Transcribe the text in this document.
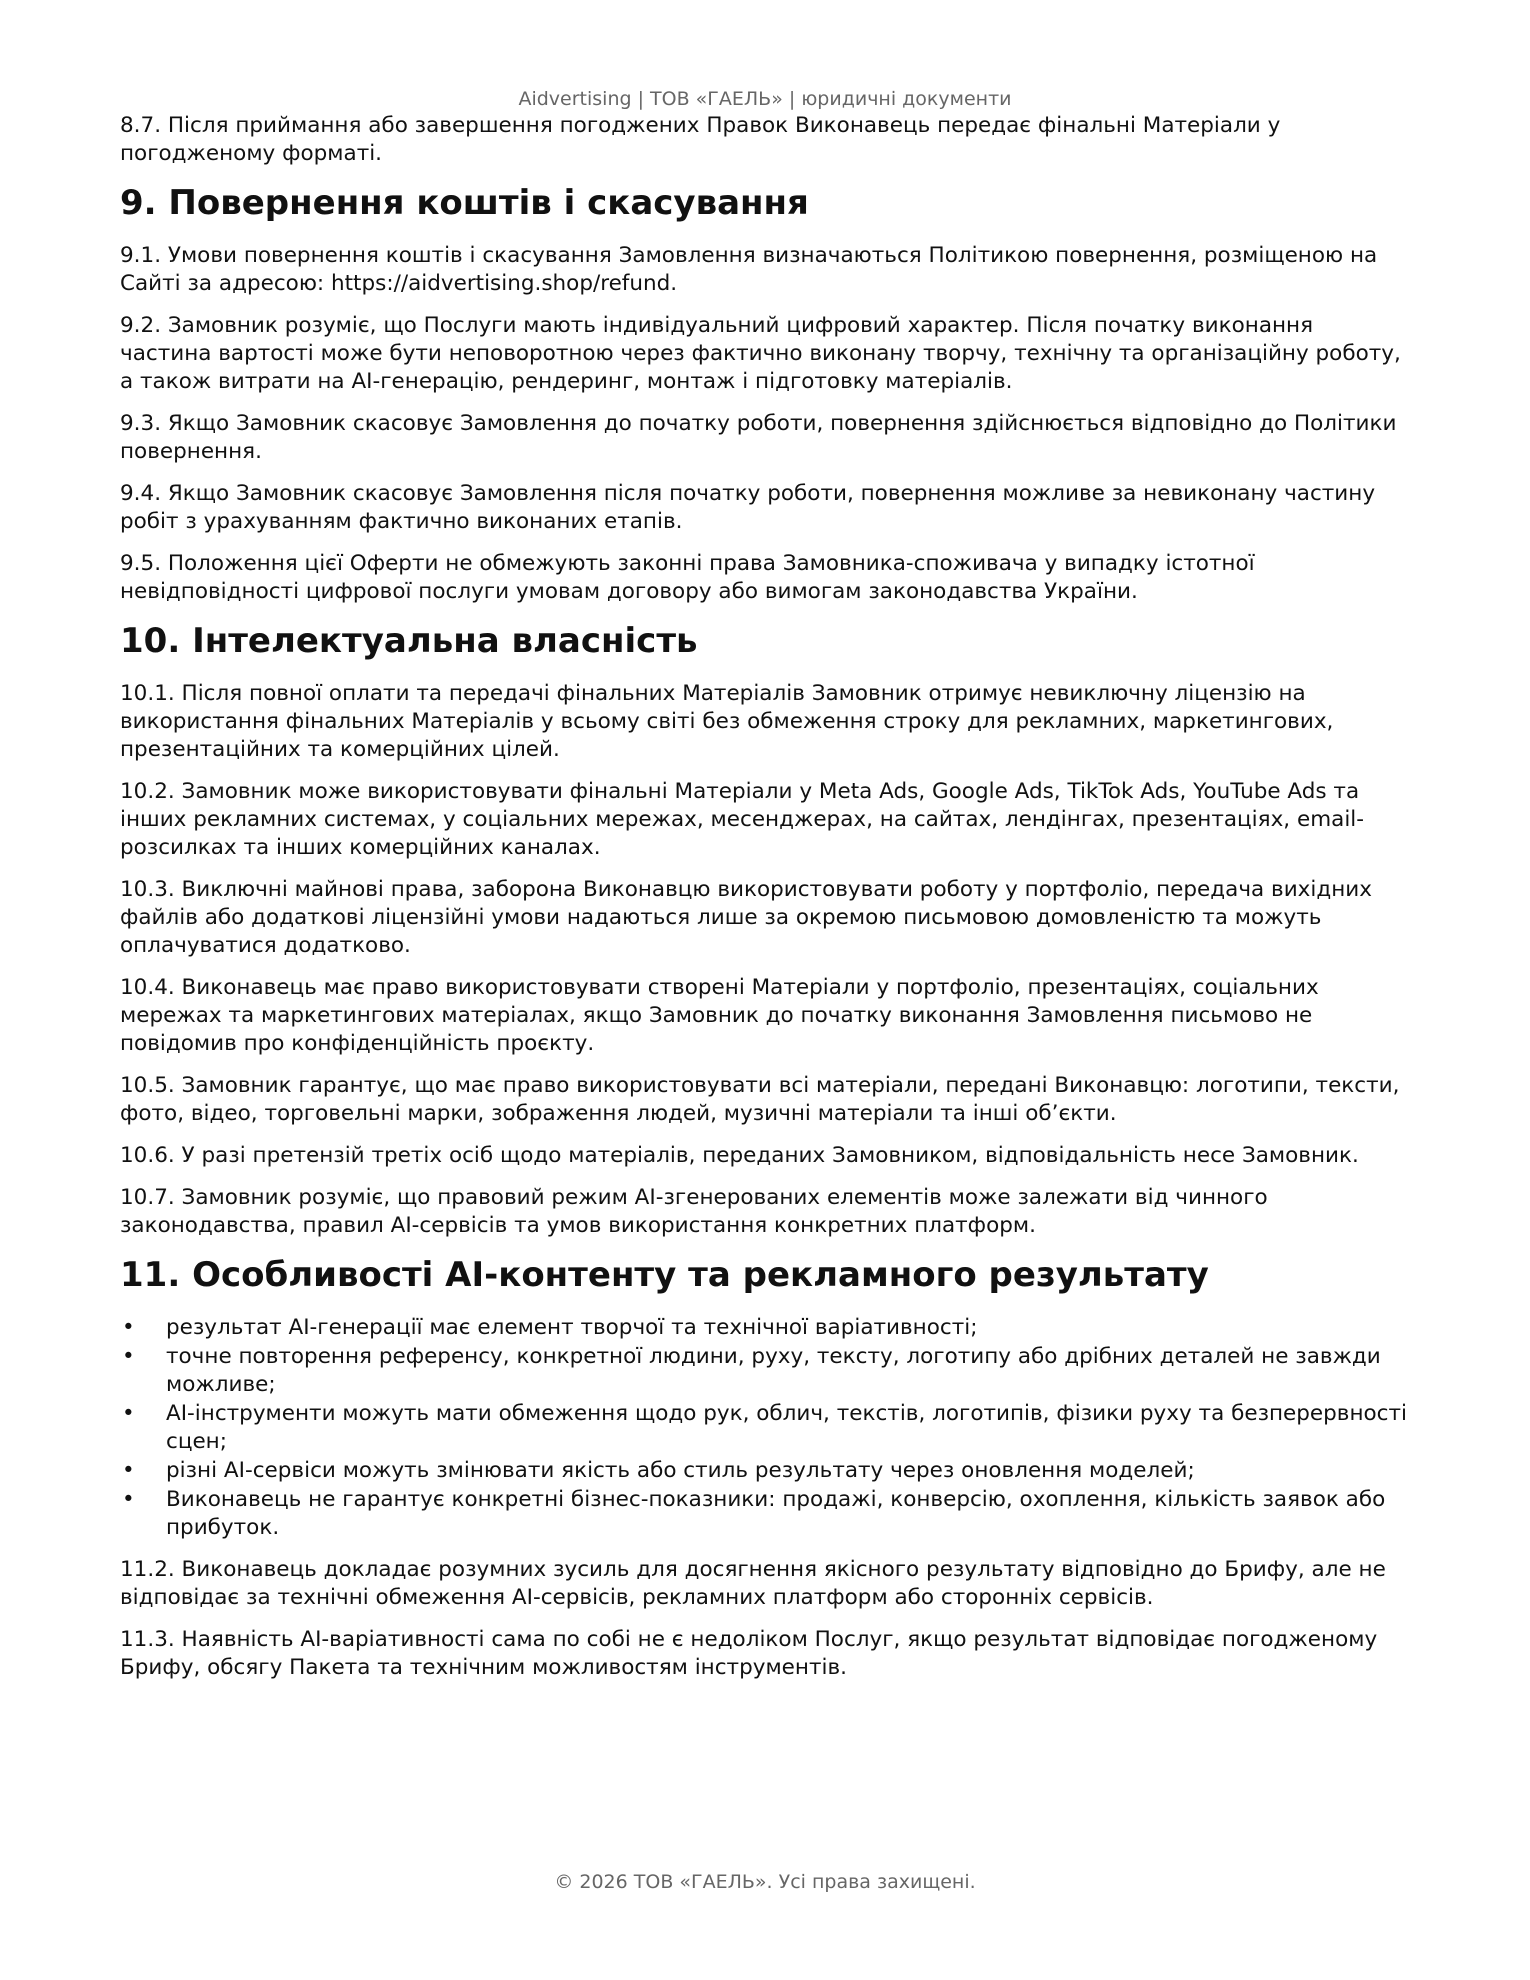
Aidvertising | ТОВ «ГАЕЛЬ» | юридичні документи

8.7. Після приймання або завершення погоджених Правок Виконавець передає фінальні Матеріали у погодженому форматі.

9. Повернення коштів і скасування

9.1. Умови повернення коштів і скасування Замовлення визначаються Політикою повернення, розміщеною на Сайті за адресою: https://aidvertising.shop/refund.

9.2. Замовник розуміє, що Послуги мають індивідуальний цифровий характер. Після початку виконання частина вартості може бути неповоротною через фактично виконану творчу, технічну та організаційну роботу, а також витрати на AI-генерацію, рендеринг, монтаж і підготовку матеріалів.

9.3. Якщо Замовник скасовує Замовлення до початку роботи, повернення здійснюється відповідно до Політики повернення.

9.4. Якщо Замовник скасовує Замовлення після початку роботи, повернення можливе за невиконану частину робіт з урахуванням фактично виконаних етапів.

9.5. Положення цієї Оферти не обмежують законні права Замовника-споживача у випадку істотної невідповідності цифрової послуги умовам договору або вимогам законодавства України.

10. Інтелектуальна власність

10.1. Після повної оплати та передачі фінальних Матеріалів Замовник отримує невиключну ліцензію на використання фінальних Матеріалів у всьому світі без обмеження строку для рекламних, маркетингових, презентаційних та комерційних цілей.

10.2. Замовник може використовувати фінальні Матеріали у Meta Ads, Google Ads, TikTok Ads, YouTube Ads та інших рекламних системах, у соціальних мережах, месенджерах, на сайтах, лендінгах, презентаціях, email-розсилках та інших комерційних каналах.

10.3. Виключні майнові права, заборона Виконавцю використовувати роботу у портфоліо, передача вихідних файлів або додаткові ліцензійні умови надаються лише за окремою письмовою домовленістю та можуть оплачуватися додатково.

10.4. Виконавець має право використовувати створені Матеріали у портфоліо, презентаціях, соціальних мережах та маркетингових матеріалах, якщо Замовник до початку виконання Замовлення письмово не повідомив про конфіденційність проєкту.

10.5. Замовник гарантує, що має право використовувати всі матеріали, передані Виконавцю: логотипи, тексти, фото, відео, торговельні марки, зображення людей, музичні матеріали та інші об’єкти.

10.6. У разі претензій третіх осіб щодо матеріалів, переданих Замовником, відповідальність несе Замовник.

10.7. Замовник розуміє, що правовий режим AI-згенерованих елементів може залежати від чинного законодавства, правил AI-сервісів та умов використання конкретних платформ.

11. Особливості AI-контенту та рекламного результату
• результат AI-генерації має елемент творчої та технічної варіативності;
• точне повторення референсу, конкретної людини, руху, тексту, логотипу або дрібних деталей не завжди можливе;
• AI-інструменти можуть мати обмеження щодо рук, облич, текстів, логотипів, фізики руху та безперервності сцен;
• різні AI-сервіси можуть змінювати якість або стиль результату через оновлення моделей;
• Виконавець не гарантує конкретні бізнес-показники: продажі, конверсію, охоплення, кількість заявок або прибуток.

11.2. Виконавець докладає розумних зусиль для досягнення якісного результату відповідно до Брифу, але не відповідає за технічні обмеження AI-сервісів, рекламних платформ або сторонніх сервісів.

11.3. Наявність AI-варіативності сама по собі не є недоліком Послуг, якщо результат відповідає погодженому Брифу, обсягу Пакета та технічним можливостям інструментів.

© 2026 ТОВ «ГАЕЛЬ». Усі права захищені.
